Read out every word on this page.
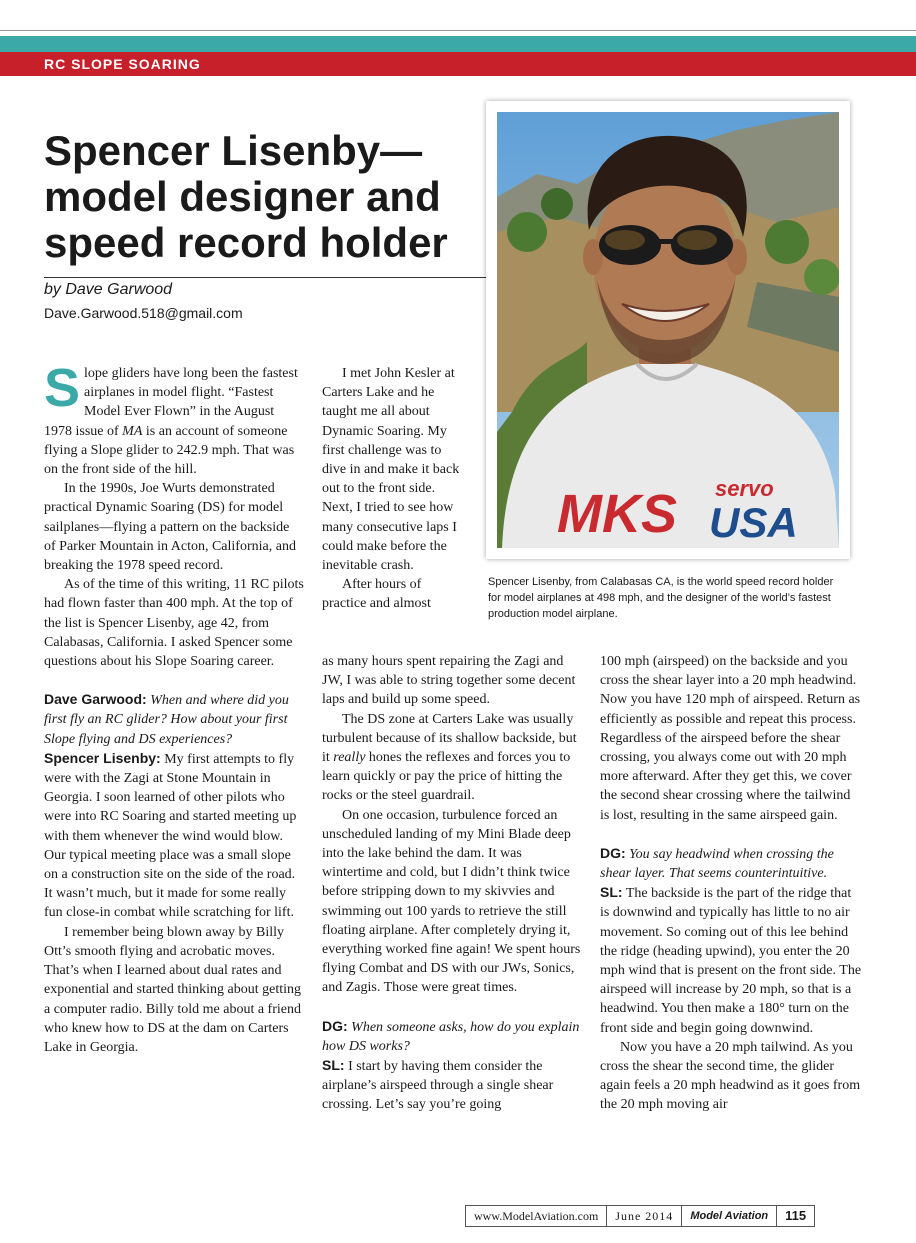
RC SLOPE SOARING
Spencer Lisenby—
model designer and
speed record holder
by Dave Garwood
Dave.Garwood.518@gmail.com
MKS servo
USA

Spencer Lisenby, from Calabasas CA, is the world speed record holder for model airplanes at 498 mph, and the designer of the world’s fastest production model airplane.

Slope gliders have long been the fastest airplanes in model flight. “Fastest Model Ever Flown” in the August 1978 issue of MA is an account of someone flying a Slope glider to 242.9 mph. That was on the front side of the hill.

In the 1990s, Joe Wurts demonstrated practical Dynamic Soaring (DS) for model sailplanes—flying a pattern on the backside of Parker Mountain in Acton, California, and breaking the 1978 speed record.

As of the time of this writing, 11 RC pilots had flown faster than 400 mph. At the top of the list is Spencer Lisenby, age 42, from Calabasas, California. I asked Spencer some questions about his Slope Soaring career.

Dave Garwood: When and where did you first fly an RC glider? How about your first Slope flying and DS experiences?

Spencer Lisenby: My first attempts to fly were with the Zagi at Stone Mountain in Georgia. I soon learned of other pilots who were into RC Soaring and started meeting up with them whenever the wind would blow. Our typical meeting place was a small slope on a construction site on the side of the road. It wasn’t much, but it made for some really fun close-in combat while scratching for lift.

I remember being blown away by Billy Ott’s smooth flying and acrobatic moves. That’s when I learned about dual rates and exponential and started thinking about getting a computer radio. Billy told me about a friend who knew how to DS at the dam on Carters Lake in Georgia.

I met John Kesler at Carters Lake and he taught me all about Dynamic Soaring. My first challenge was to dive in and make it back out to the front side. Next, I tried to see how many consecutive laps I could make before the inevitable crash.

After hours of practice and almost

as many hours spent repairing the Zagi and JW, I was able to string together some decent laps and build up some speed.

The DS zone at Carters Lake was usually turbulent because of its shallow backside, but it really hones the reflexes and forces you to learn quickly or pay the price of hitting the rocks or the steel guardrail.

On one occasion, turbulence forced an unscheduled landing of my Mini Blade deep into the lake behind the dam. It was wintertime and cold, but I didn’t think twice before stripping down to my skivvies and swimming out 100 yards to retrieve the still floating airplane. After completely drying it, everything worked fine again! We spent hours flying Combat and DS with our JWs, Sonics, and Zagis. Those were great times.

DG: When someone asks, how do you explain how DS works?

SL: I start by having them consider the airplane’s airspeed through a single shear crossing. Let’s say you’re going

100 mph (airspeed) on the backside and you cross the shear layer into a 20 mph headwind. Now you have 120 mph of airspeed. Return as efficiently as possible and repeat this process. Regardless of the airspeed before the shear crossing, you always come out with 20 mph more afterward. After they get this, we cover the second shear crossing where the tailwind is lost, resulting in the same airspeed gain.

DG: You say headwind when crossing the shear layer. That seems counterintuitive.

SL: The backside is the part of the ridge that is downwind and typically has little to no air movement. So coming out of this lee behind the ridge (heading upwind), you enter the 20 mph wind that is present on the front side. The airspeed will increase by 20 mph, so that is a headwind. You then make a 180° turn on the front side and begin going downwind.

Now you have a 20 mph tailwind. As you cross the shear the second time, the glider again feels a 20 mph headwind as it goes from the 20 mph moving air

www.ModelAviation.com	June 2014	Model Aviation	115
